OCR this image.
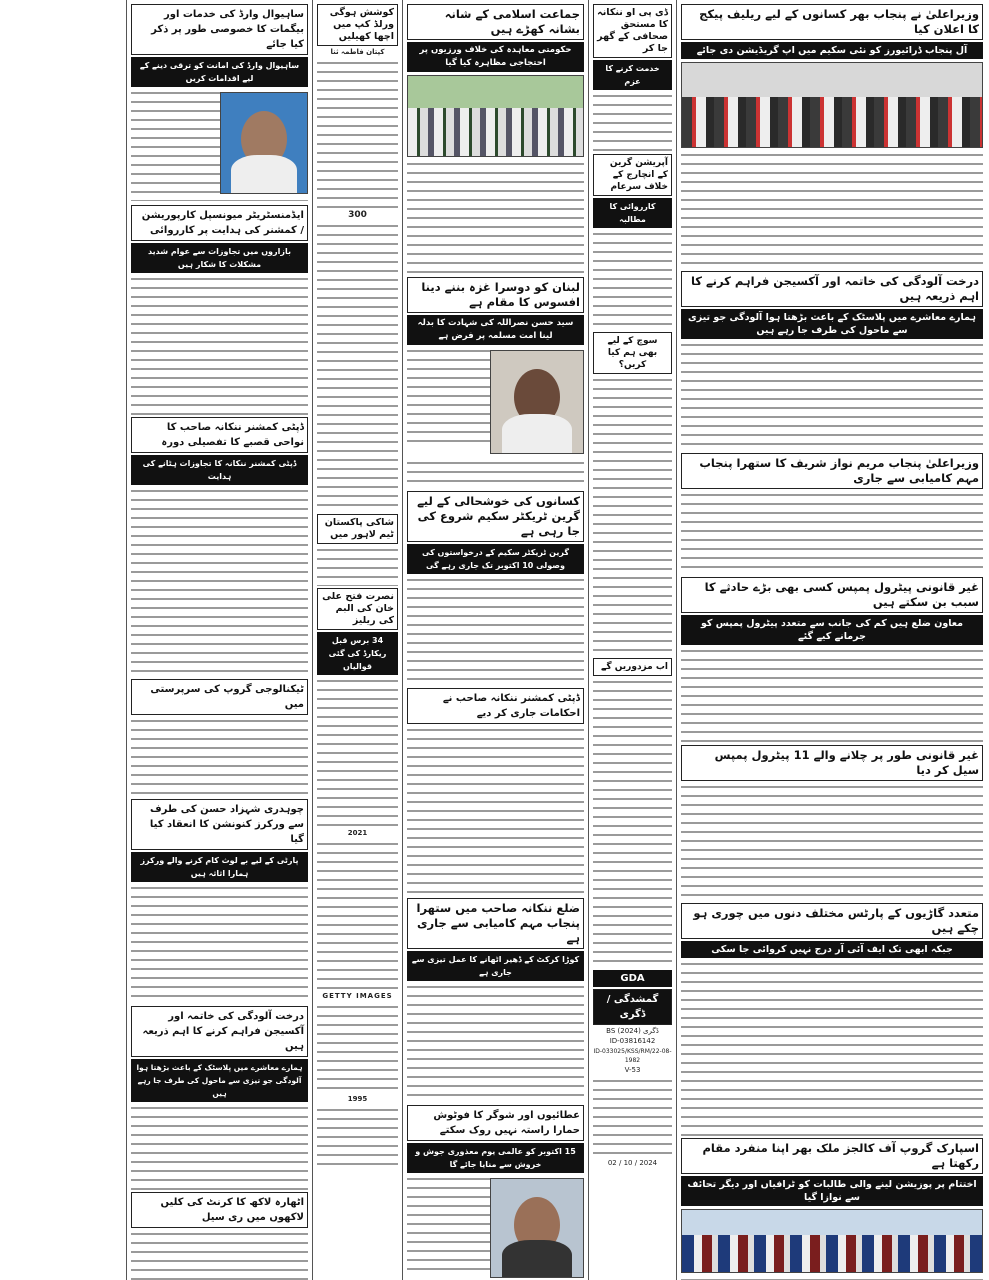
وزیراعلیٰ نے پنجاب بھر کسانوں کے لیے ریلیف پیکج کا اعلان کیا
آل پنجاب ڈرائیورز کو نئی سکیم میں اپ گریڈیشن دی جائے
درخت آلودگی کی خاتمہ اور آکسیجن فراہم کرنے کا اہم ذریعہ ہیں
ہمارے معاشرے میں پلاسٹک کے باعث بڑھتا ہوا آلودگی جو تیزی سے ماحول کی طرف جا رہے ہیں
وزیراعلیٰ پنجاب مریم نواز شریف کا ستھرا پنجاب مہم کامیابی سے جاری
غیر قانونی پیٹرول پمپس کسی بھی بڑے حادثے کا سبب بن سکتے ہیں
معاون ضلع ہیں کم کی جانب سے متعدد پیٹرول پمپس کو جرمانے کیے گئے
غیر قانونی طور پر چلانے والے 11 پیٹرول پمپس سیل کر دیا
متعدد گاڑیوں کے پارٹس مختلف دنوں میں چوری ہو چکے ہیں
جبکہ ابھی تک ایف آئی آر درج نہیں کروائی جا سکی
اسپارک گروپ آف کالجز ملک بھر اپنا منفرد مقام رکھتا ہے
اختتام پر پوزیشن لینے والی طالبات کو ٹرافیاں اور دیگر تحائف سے نوازا گیا
ڈی پی او ننکانہ کا مستحق صحافی کے گھر جا کر
خدمت کرنے کا عزم
آپریشن گرین کے انچارج کے خلاف سرعام
کارروائی کا مطالبہ
سوچ کے لیے بھی ہم کیا کریں؟
اب مزدوریں گے
GDA
گمشدگی / ڈگری
ڈگری BS (2024)
ID-03816142
ID-033025/KSS/RM/22-08-1982
V-53
2024 / 10 / 02
جماعت اسلامی کے شانہ بشانہ کھڑے ہیں
حکومتی معاہدہ کی خلاف ورزیوں پر احتجاجی مظاہرہ کیا گیا
لبنان کو دوسرا غزہ بننے دینا افسوس کا مقام ہے
سید حسن نصراللہ کی شہادت کا بدلہ لینا امت مسلمہ پر فرض ہے
کسانوں کی خوشحالی کے لیے گرین ٹریکٹر سکیم شروع کی جا رہی ہے
گرین ٹریکٹر سکیم کے درخواستوں کی وصولی 10 اکتوبر تک جاری رہے گی
ڈپٹی کمشنر ننکانہ صاحب نے احکامات جاری کر دیے
ضلع ننکانہ صاحب میں ستھرا پنجاب مہم کامیابی سے جاری ہے
کوڑا کرکٹ کے ڈھیر اٹھانے کا عمل تیزی سے جاری ہے
عطائیوں اور شوگر کا فوٹوش حمارا راستہ نہیں روک سکتے
15 اکتوبر کو عالمی یوم معذوری جوش و خروش سے منایا جائے گا
کوشش ہوگی ورلڈ کپ میں اچھا کھیلیں
کپتان فاطمہ ثنا
300
شاکی پاکستان ٹیم لاہور میں
نصرت فتح علی خان کی البم کی ریلیز
34 برس قبل ریکارڈ کی گئی قوالیاں
2021
GETTY IMAGES
1995
ساہیوال وارڈ کی خدمات اور بیگمات کا خصوصی طور پر ذکر کیا جائے
ساہیوال وارڈ کی امانت کو ترقی دینے کے لیے اقدامات کریں
ایڈمنسٹریٹر میونسپل کارپوریشن / کمشنر کی ہدایت پر کارروائی
بازاروں میں تجاوزات سے عوام شدید مشکلات کا شکار ہیں
ڈپٹی کمشنر ننکانہ صاحب کا نواحی قصبے کا تفصیلی دورہ
ڈپٹی کمشنر ننکانہ کا تجاوزات ہٹانے کی ہدایت
ٹیکنالوجی گروپ کی سرپرستی میں
چوہدری شہزاد حسن کی طرف سے ورکرز کنونشن کا انعقاد کیا گیا
پارٹی کے لیے بے لوث کام کرنے والے ورکرز ہمارا اثاثہ ہیں
درخت آلودگی کی خاتمہ اور آکسیجن فراہم کرنے کا اہم ذریعہ ہیں
ہمارے معاشرے میں پلاسٹک کے باعث بڑھتا ہوا آلودگی جو تیزی سے ماحول کی طرف جا رہے ہیں
اٹھارہ لاکھ کا کرنٹ کی کلیں لاکھوں میں ری سیل
